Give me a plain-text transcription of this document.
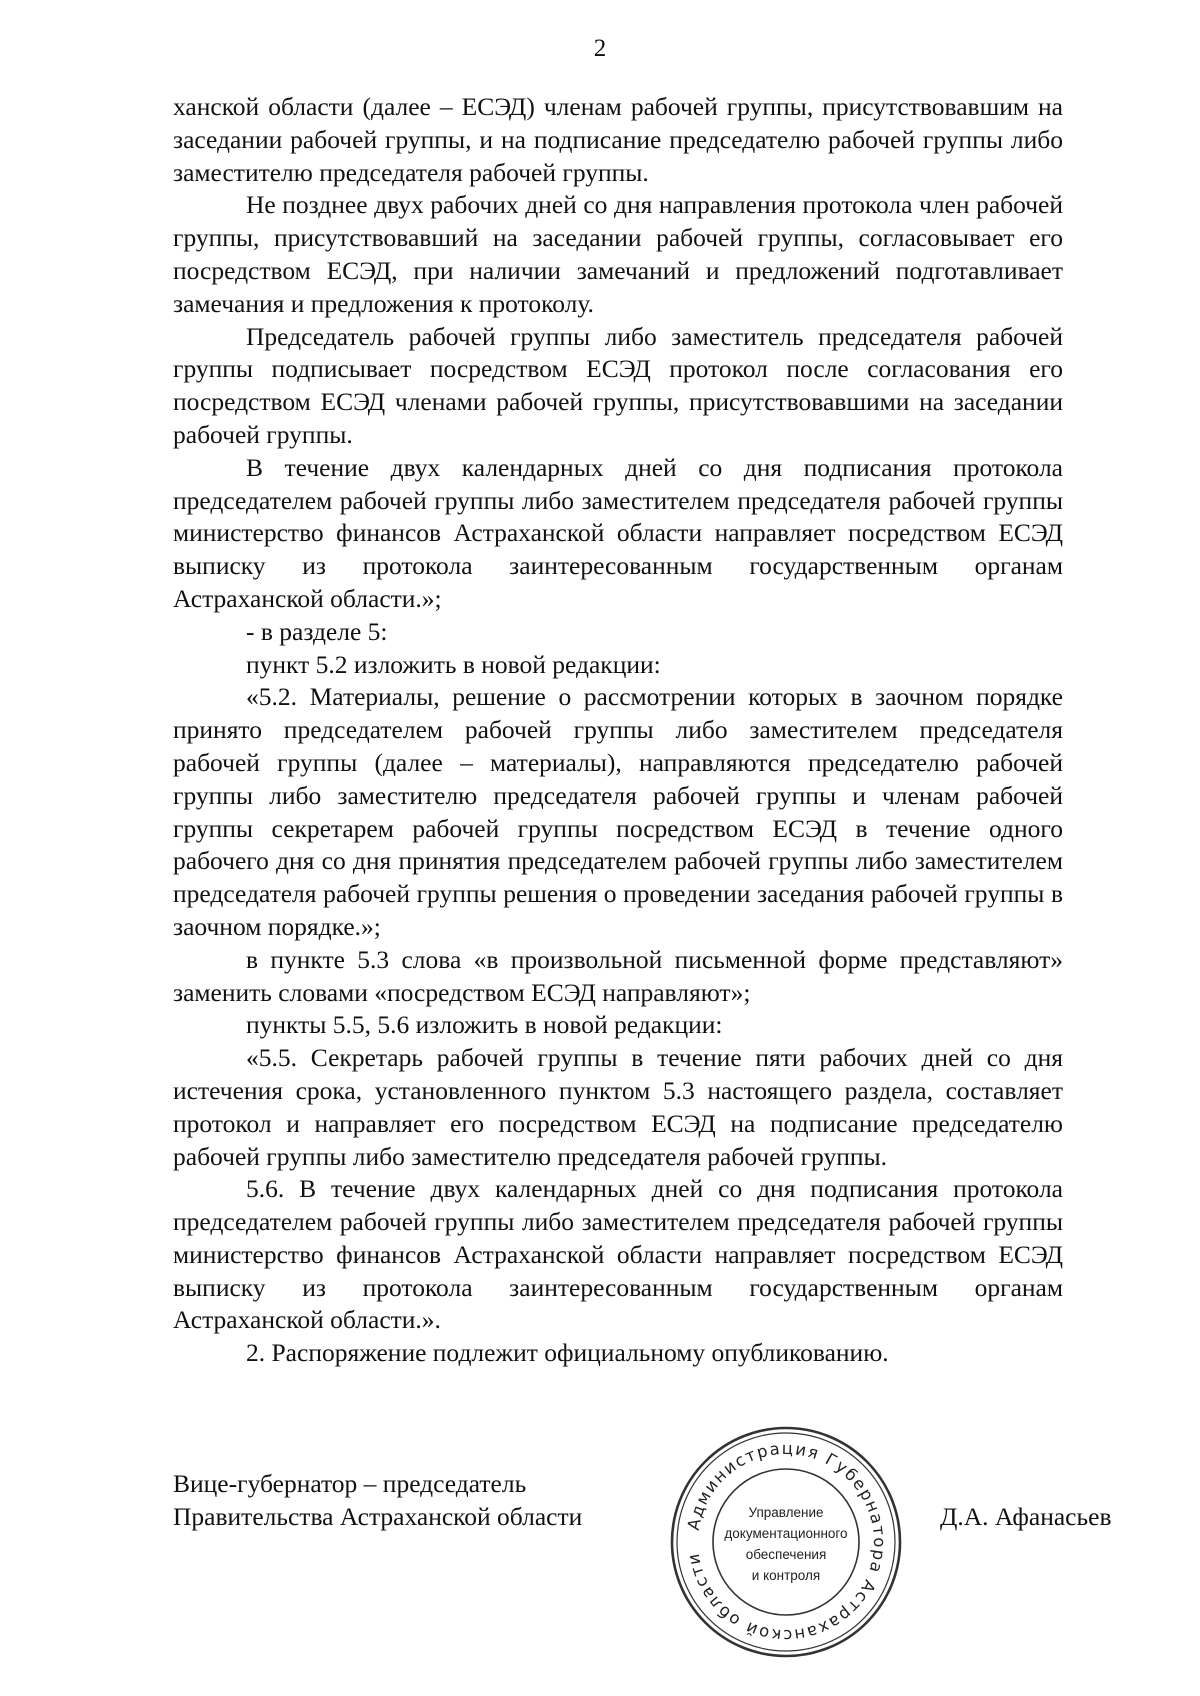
2

ханской области (далее – ЕСЭД) членам рабочей группы, присутствовавшим на заседании рабочей группы, и на подписание председателю рабочей группы либо заместителю председателя рабочей группы.

Не позднее двух рабочих дней со дня направления протокола член рабочей группы, присутствовавший на заседании рабочей группы, согласовывает его посредством ЕСЭД, при наличии замечаний и предложений подготавливает замечания и предложения к протоколу.

Председатель рабочей группы либо заместитель председателя рабочей группы подписывает посредством ЕСЭД протокол после согласования его посредством ЕСЭД членами рабочей группы, присутствовавшими на заседании рабочей группы.

В течение двух календарных дней со дня подписания протокола председателем рабочей группы либо заместителем председателя рабочей группы министерство финансов Астраханской области направляет посредством ЕСЭД выписку из протокола заинтересованным государственным органам Астраханской области.»;

- в разделе 5:

пункт 5.2 изложить в новой редакции:

«5.2. Материалы, решение о рассмотрении которых в заочном порядке принято председателем рабочей группы либо заместителем председателя рабочей группы (далее – материалы), направляются председателю рабочей группы либо заместителю председателя рабочей группы и членам рабочей группы секретарем рабочей группы посредством ЕСЭД в течение одного рабочего дня со дня принятия председателем рабочей группы либо заместителем председателя рабочей группы решения о проведении заседания рабочей группы в заочном порядке.»;

в пункте 5.3 слова «в произвольной письменной форме представляют» заменить словами «посредством ЕСЭД направляют»;

пункты 5.5, 5.6 изложить в новой редакции:

«5.5. Секретарь рабочей группы в течение пяти рабочих дней со дня истечения срока, установленного пунктом 5.3 настоящего раздела, составляет протокол и направляет его посредством ЕСЭД на подписание председателю рабочей группы либо заместителю председателя рабочей группы.

5.6. В течение двух календарных дней со дня подписания протокола председателем рабочей группы либо заместителем председателя рабочей группы министерство финансов Астраханской области направляет посредством ЕСЭД выписку из протокола заинтересованным государственным органам Астраханской области.».

2. Распоряжение подлежит официальному опубликованию.

Вице-губернатор – председатель
Правительства Астраханской области	Д.А. Афанасьев
Администрация Губернатора Астраханской области
Управление
документационного
обеспечения
и контроля
